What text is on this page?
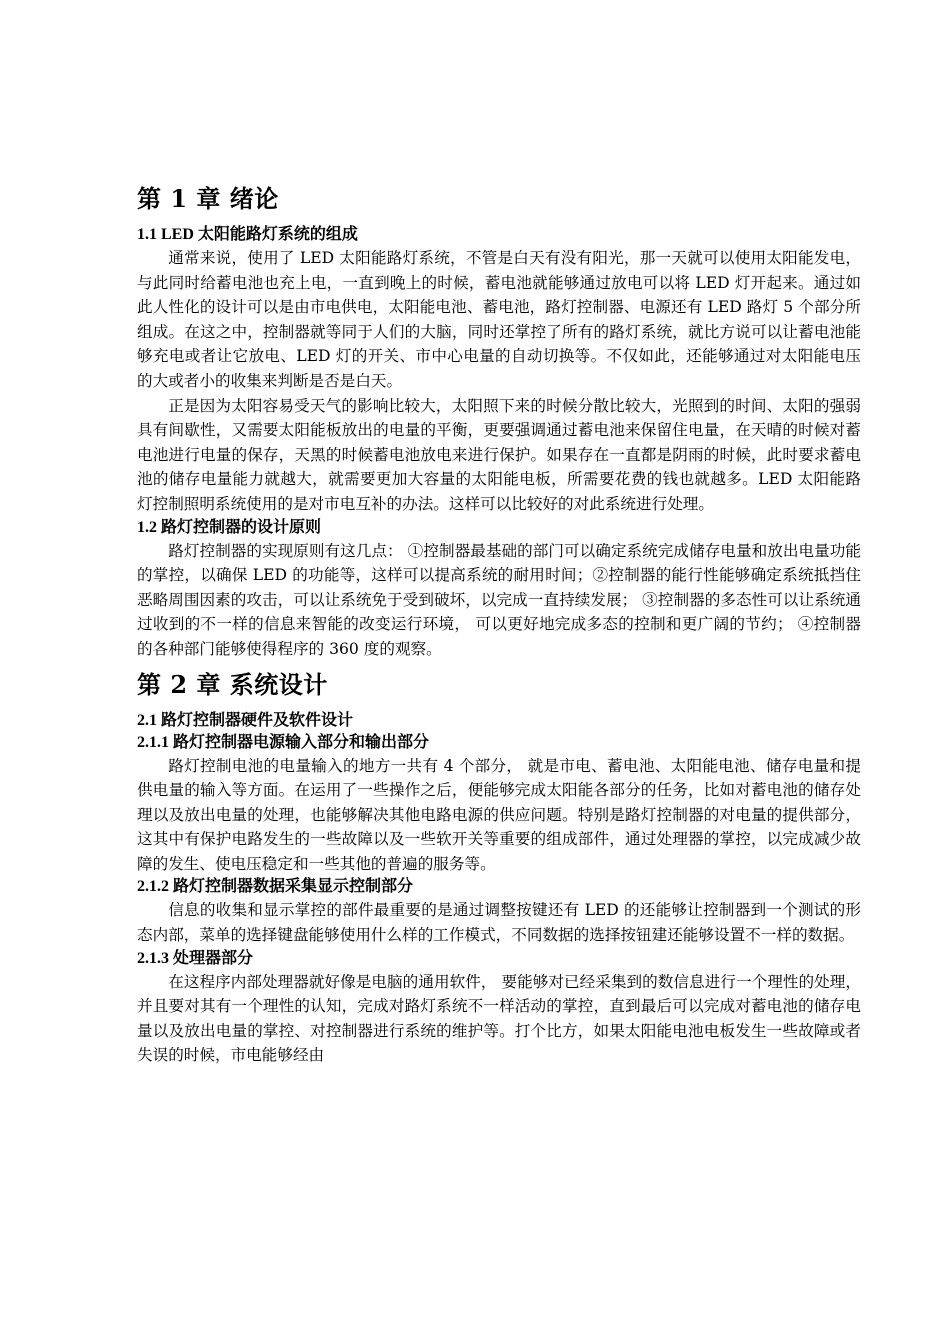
第 1 章 绪论
1.1 LED 太阳能路灯系统的组成

通常来说，使用了 LED 太阳能路灯系统，不管是白天有没有阳光，那一天就可以使用太阳能发电，与此同时给蓄电池也充上电，一直到晚上的时候，蓄电池就能够通过放电可以将 LED 灯开起来。通过如此人性化的设计可以是由市电供电，太阳能电池、蓄电池，路灯控制器、电源还有 LED 路灯 5 个部分所组成。在这之中，控制器就等同于人们的大脑，同时还掌控了所有的路灯系统，就比方说可以让蓄电池能够充电或者让它放电、LED 灯的开关、市中心电量的自动切换等。不仅如此，还能够通过对太阳能电压的大或者小的收集来判断是否是白天。

正是因为太阳容易受天气的影响比较大，太阳照下来的时候分散比较大，光照到的时间、太阳的强弱具有间歇性，又需要太阳能板放出的电量的平衡，更要强调通过蓄电池来保留住电量，在天晴的时候对蓄电池进行电量的保存，天黑的时候蓄电池放电来进行保护。如果存在一直都是阴雨的时候，此时要求蓄电池的储存电量能力就越大，就需要更加大容量的太阳能电板，所需要花费的钱也就越多。LED 太阳能路灯控制照明系统使用的是对市电互补的办法。这样可以比较好的对此系统进行处理。

1.2 路灯控制器的设计原则

路灯控制器的实现原则有这几点： ①控制器最基础的部门可以确定系统完成储存电量和放出电量功能的掌控，以确保 LED 的功能等，这样可以提高系统的耐用时间；②控制器的能行性能够确定系统抵挡住恶略周围因素的攻击，可以让系统免于受到破坏，以完成一直持续发展； ③控制器的多态性可以让系统通过收到的不一样的信息来智能的改变运行环境， 可以更好地完成多态的控制和更广阔的节约； ④控制器的各种部门能够使得程序的 360 度的观察。

第 2 章 系统设计
2.1 路灯控制器硬件及软件设计
2.1.1 路灯控制器电源输入部分和输出部分

路灯控制电池的电量输入的地方一共有 4 个部分， 就是市电、蓄电池、太阳能电池、储存电量和提供电量的输入等方面。在运用了一些操作之后，便能够完成太阳能各部分的任务，比如对蓄电池的储存处理以及放出电量的处理，也能够解决其他电路电源的供应问题。特别是路灯控制器的对电量的提供部分，这其中有保护电路发生的一些故障以及一些软开关等重要的组成部件，通过处理器的掌控，以完成减少故障的发生、使电压稳定和一些其他的普遍的服务等。

2.1.2 路灯控制器数据采集显示控制部分

信息的收集和显示掌控的部件最重要的是通过调整按键还有 LED 的还能够让控制器到一个测试的形态内部，菜单的选择键盘能够使用什么样的工作模式，不同数据的选择按钮建还能够设置不一样的数据。

2.1.3 处理器部分

在这程序内部处理器就好像是电脑的通用软件， 要能够对已经采集到的数信息进行一个理性的处理，并且要对其有一个理性的认知，完成对路灯系统不一样活动的掌控，直到最后可以完成对蓄电池的储存电量以及放出电量的掌控、对控制器进行系统的维护等。打个比方，如果太阳能电池电板发生一些故障或者失误的时候，市电能够经由
